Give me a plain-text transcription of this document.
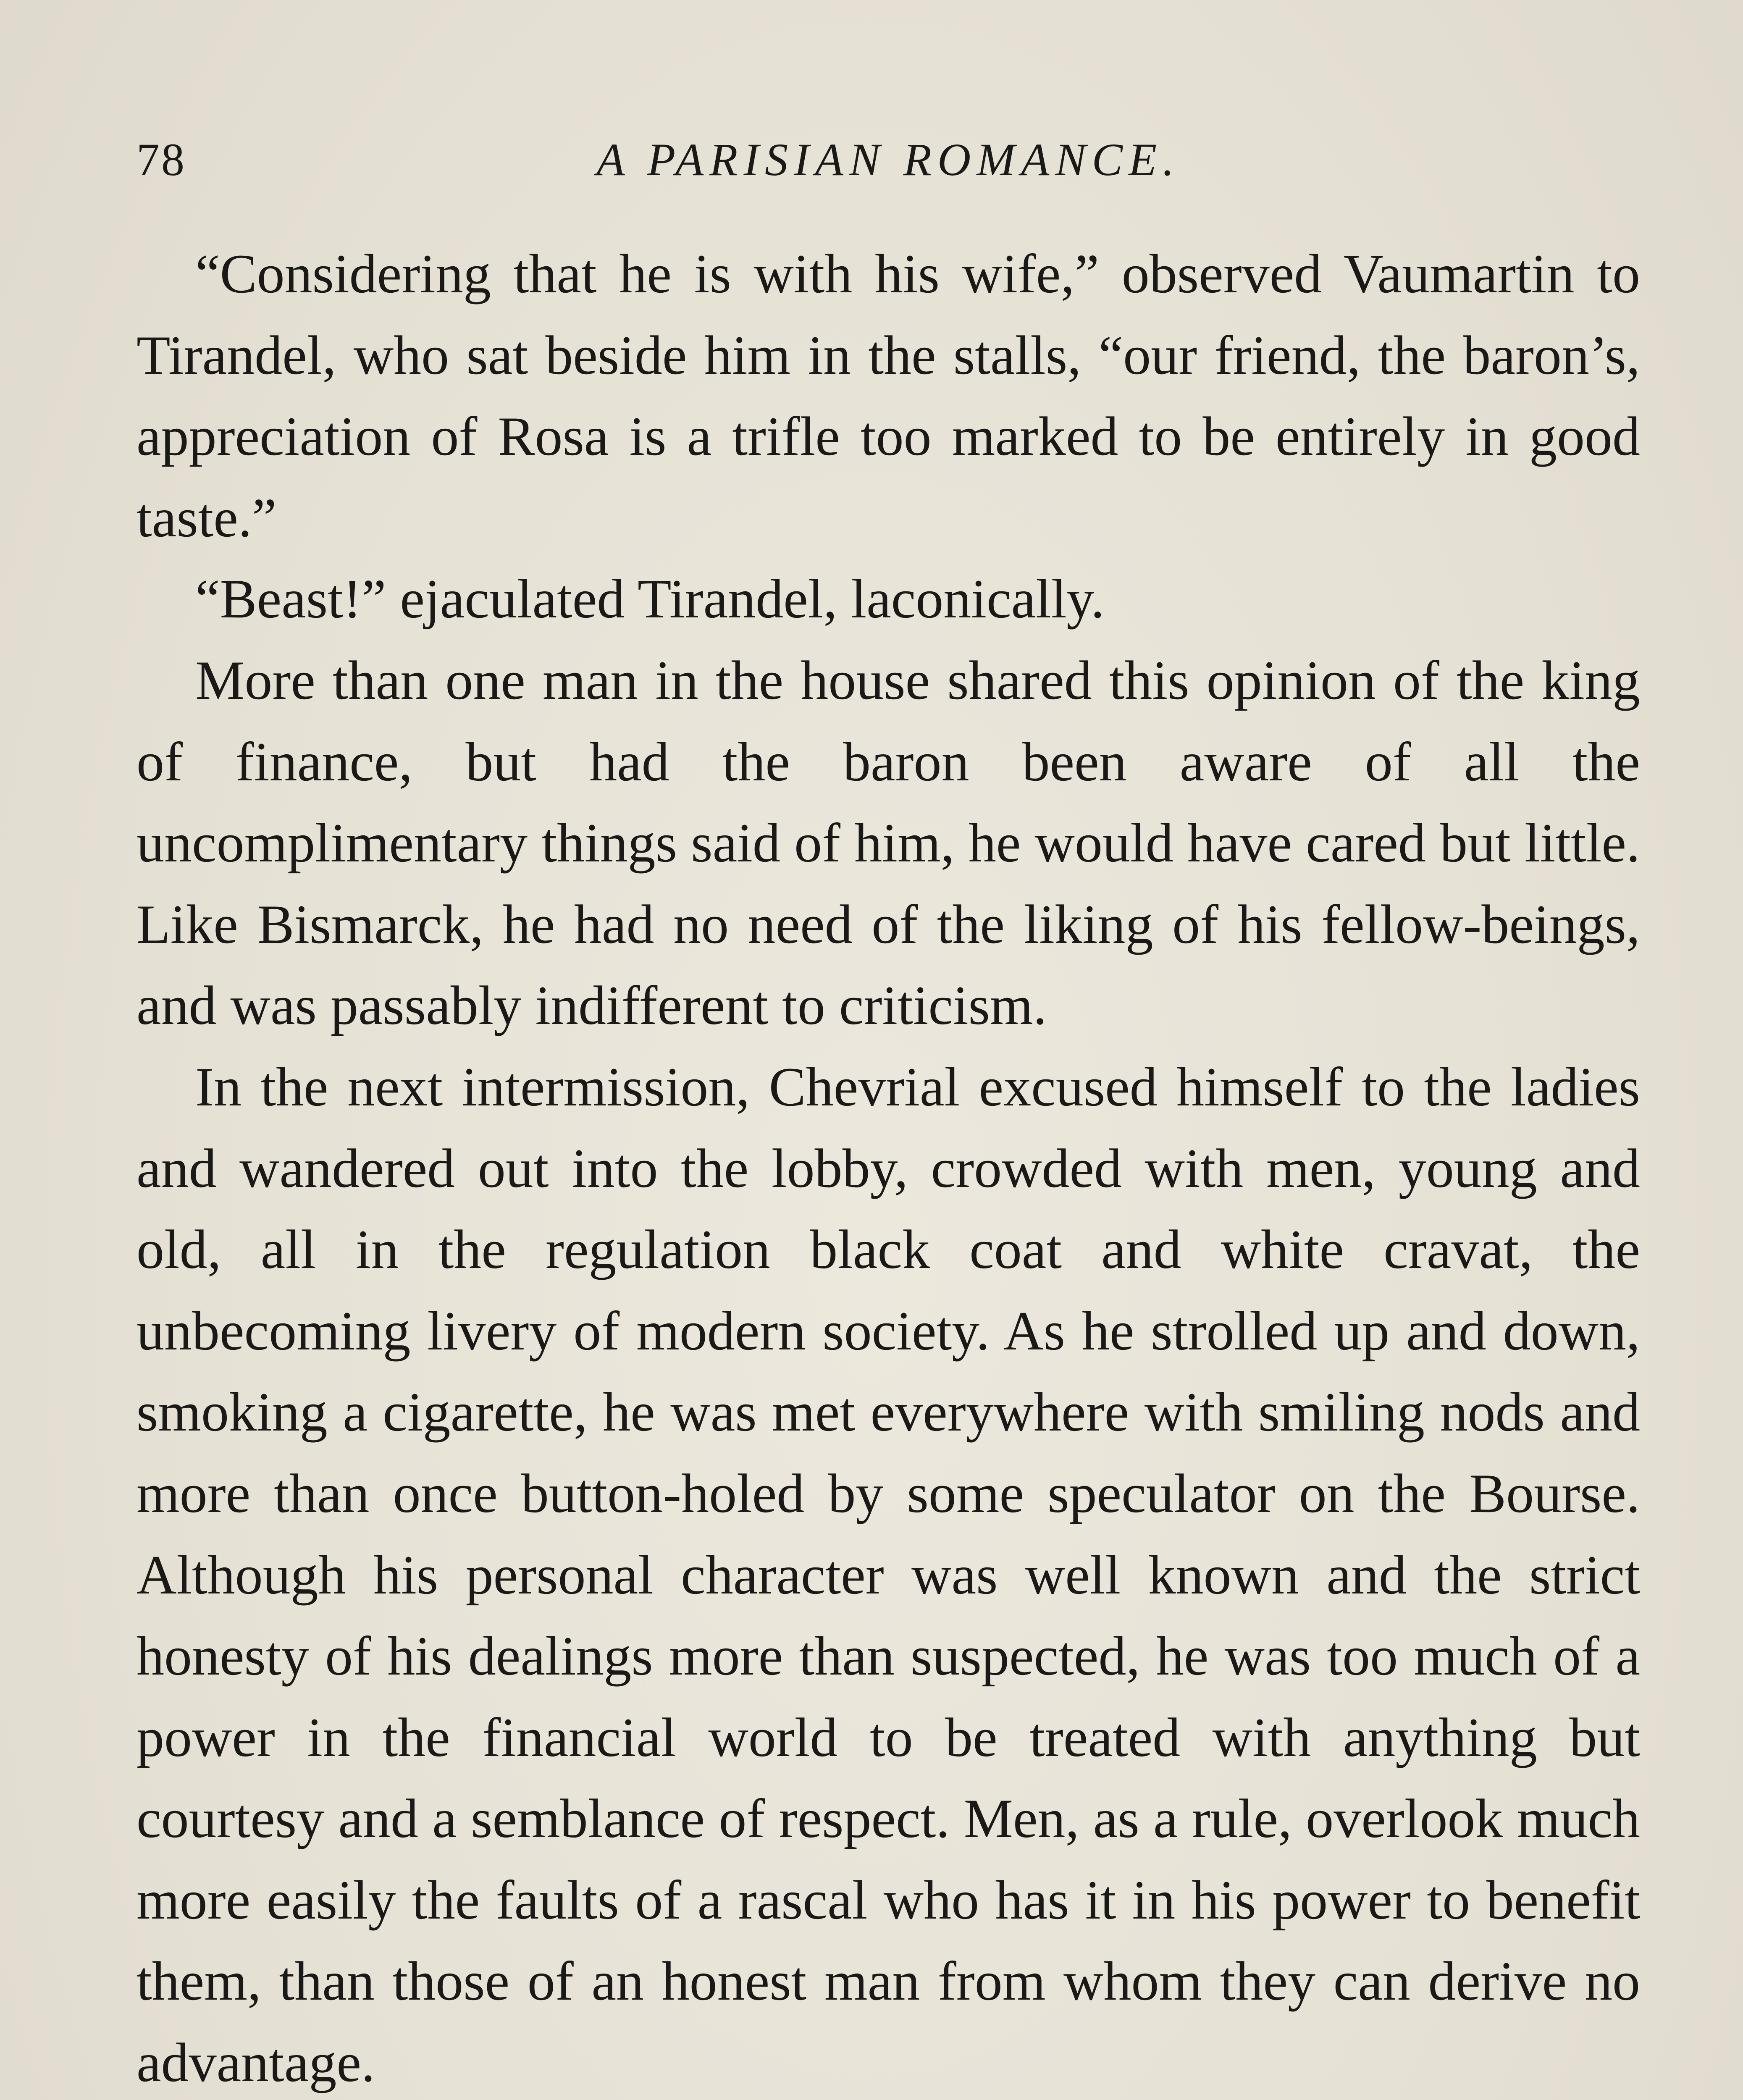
78	A PARISIAN ROMANCE.

“Considering that he is with his wife,” observed Vaumartin to Tirandel, who sat beside him in the stalls, “our friend, the baron’s, appreciation of Rosa is a trifle too marked to be entirely in good taste.”

“Beast!” ejaculated Tirandel, laconically.

More than one man in the house shared this opinion of the king of finance, but had the baron been aware of all the uncomplimentary things said of him, he would have cared but little. Like Bismarck, he had no need of the liking of his fellow-beings, and was passably indifferent to criticism.

In the next intermission, Chevrial excused himself to the ladies and wandered out into the lobby, crowded with men, young and old, all in the regulation black coat and white cravat, the unbecoming livery of modern society. As he strolled up and down, smoking a cigarette, he was met everywhere with smiling nods and more than once button-holed by some speculator on the Bourse. Although his personal character was well known and the strict honesty of his dealings more than suspected, he was too much of a power in the financial world to be treated with anything but courtesy and a semblance of respect. Men, as a rule, overlook much more easily the faults of a rascal who has it in his power to benefit them, than those of an honest man from whom they can derive no advantage.
